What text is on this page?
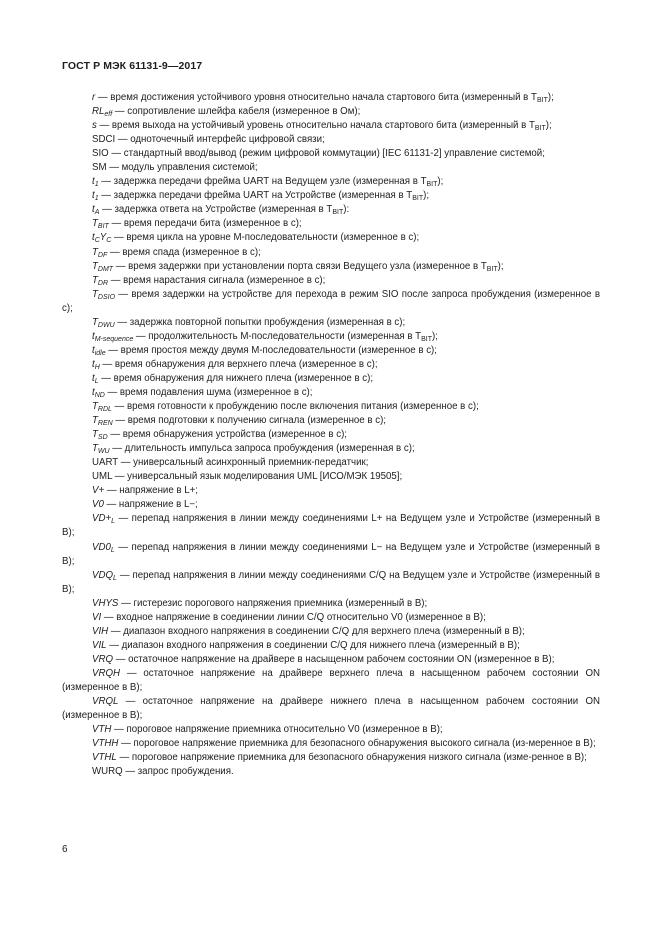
ГОСТ Р МЭК 61131-9—2017

r — время достижения устойчивого уровня относительно начала стартового бита (измеренный в $T_{BIT}$);

$RL_{eff}$ — сопротивление шлейфа кабеля (измеренное в Ом);

s — время выхода на устойчивый уровень относительно начала стартового бита (измеренный в $T_{BIT}$);

SDCI — одноточечный интерфейс цифровой связи;

SIO — стандартный ввод/вывод (режим цифровой коммутации) [IEC 61131-2] управление системой;

SM — модуль управления системой;

$t_1$ — задержка передачи фрейма UART на Ведущем узле (измеренная в $T_{BIT}$);

$t_1$ — задержка передачи фрейма UART на Устройстве (измеренная в $T_{BIT}$);

$t_A$ — задержка ответа на Устройстве (измеренная в $T_{BIT}$):

$T_{BIT}$ — время передачи бита (измеренное в с);

$t_CY_C$ — время цикла на уровне M-последовательности (измеренное в с);

$T_{DF}$ — время спада (измеренное в с);

$T_{DMT}$ — время задержки при установлении порта связи Ведущего узла (измеренное в $T_{BIT}$);

$T_{DR}$ — время нарастания сигнала (измеренное в с);

$T_{DSIO}$ — время задержки на устройстве для перехода в режим SIO после запроса пробуждения (измеренное в с);

$T_{DWU}$ — задержка повторной попытки пробуждения (измеренная в с);

$t_{M-sequence}$ — продолжительность M-последовательности (измеренная в $T_{BIT}$);

$t_{idle}$ — время простоя между двумя M-последовательности (измеренное в с);

$t_H$ — время обнаружения для верхнего плеча (измеренное в с);

$t_L$ — время обнаружения для нижнего плеча (измеренное в с);

$t_{ND}$ — время подавления шума (измеренное в с);

$T_{RDL}$ — время готовности к пробуждению после включения питания (измеренное в с);

$T_{REN}$ — время подготовки к получению сигнала (измеренное в с);

$T_{SD}$ — время обнаружения устройства (измеренное в с);

$T_{WU}$ — длительность импульса запроса пробуждения (измеренная в с);

UART — универсальный асинхронный приемник-передатчик;

UML — универсальный язык моделирования UML [ИСО/МЭК 19505];

V+ — напряжение в L+;

V0 — напряжение в L−;

$VD+_L$ — перепад напряжения в линии между соединениями L+ на Ведущем узле и Устройстве (измеренный в В);

$VD0_L$ — перепад напряжения в линии между соединениями L− на Ведущем узле и Устройстве (измеренный в В);

$VDQ_L$ — перепад напряжения в линии между соединениями C/Q на Ведущем узле и Устройстве (измеренный в В);

VHYS — гистерезис порогового напряжения приемника (измеренный в В);

VI — входное напряжение в соединении линии C/Q относительно V0 (измеренное в В);

VIH — диапазон входного напряжения в соединении C/Q для верхнего плеча (измеренный в В);

VIL — диапазон входного напряжения в соединении C/Q для нижнего плеча (измеренный в В);

VRQ — остаточное напряжение на драйвере в насыщенном рабочем состоянии ON (измеренное в В);

VRQH — остаточное напряжение на драйвере верхнего плеча в насыщенном рабочем состоянии ON (измеренное в В);

VRQL — остаточное напряжение на драйвере нижнего плеча в насыщенном рабочем состоянии ON (измеренное в В);

VTH — пороговое напряжение приемника относительно V0 (измеренное в В);

VTHH — пороговое напряжение приемника для безопасного обнаружения высокого сигнала (из-меренное в В);

VTHL — пороговое напряжение приемника для безопасного обнаружения низкого сигнала (изме-ренное в В);

WURQ — запрос пробуждения.

6
